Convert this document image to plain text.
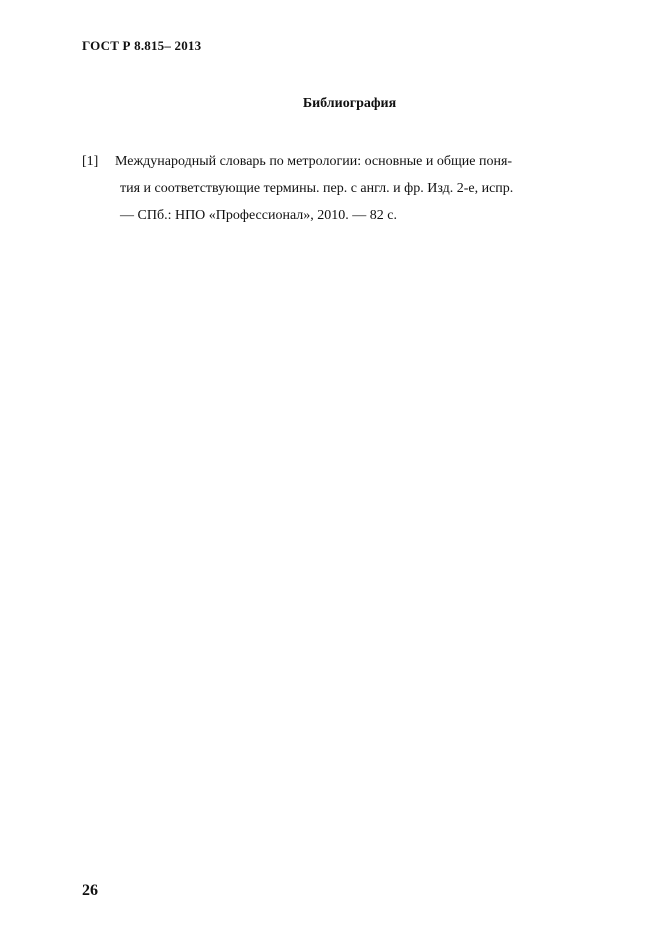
ГОСТ Р 8.815– 2013
Библиография
[1]	Международный словарь по метрологии: основные и общие поня-
тия и соответствующие термины. пер. с англ. и фр. Изд. 2-е, испр.
— СПб.: НПО «Профессионал», 2010. — 82 с.
26
